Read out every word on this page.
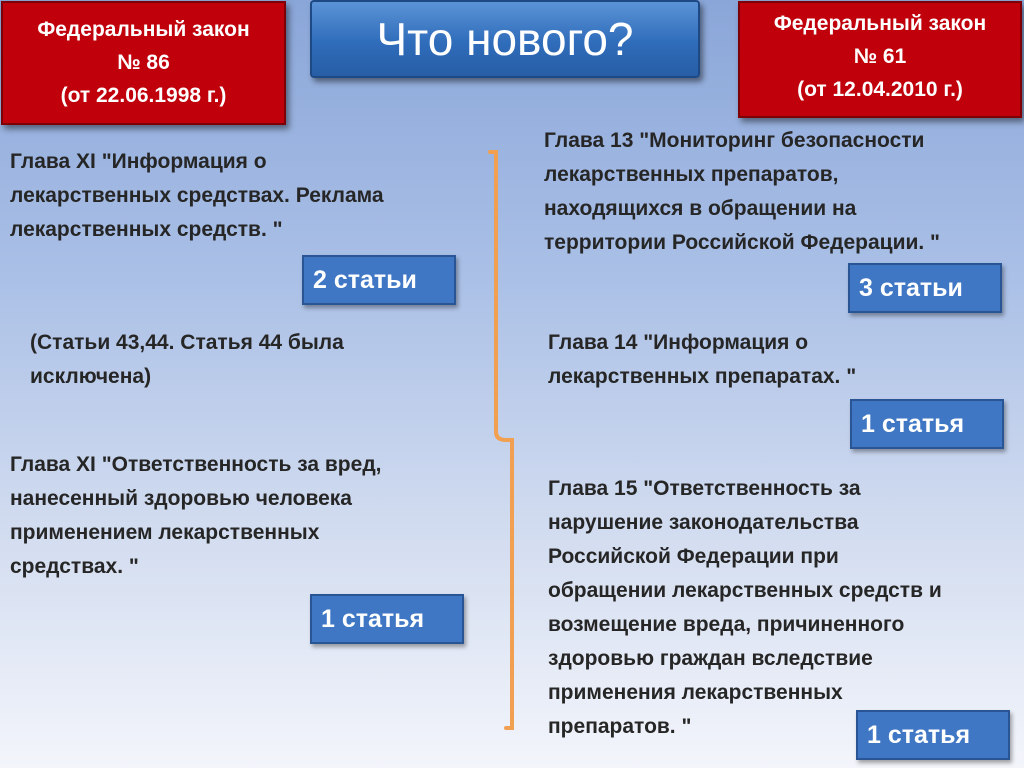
Федеральный закон
№ 86
(от 22.06.1998 г.)
Что нового?	Федеральный закон
№ 61
(от 12.04.2010 г.)
Глава XI "Информация о
лекарственных средствах. Реклама
лекарственных средств. "
2 статьи
(Статьи 43,44. Статья 44 была
исключена)
Глава XI "Ответственность за вред,
нанесенный здоровью человека
применением лекарственных
средствах. "
1 статья
Глава 13 "Мониторинг безопасности
лекарственных препаратов,
находящихся в обращении на
территории Российской Федерации. "
3 статьи
Глава 14 "Информация о
лекарственных препаратах. "
1 статья
Глава 15 "Ответственность за
нарушение законодательства
Российской Федерации при
обращении лекарственных средств и
возмещение вреда, причиненного
здоровью граждан вследствие
применения лекарственных
препаратов. "	1 статья
